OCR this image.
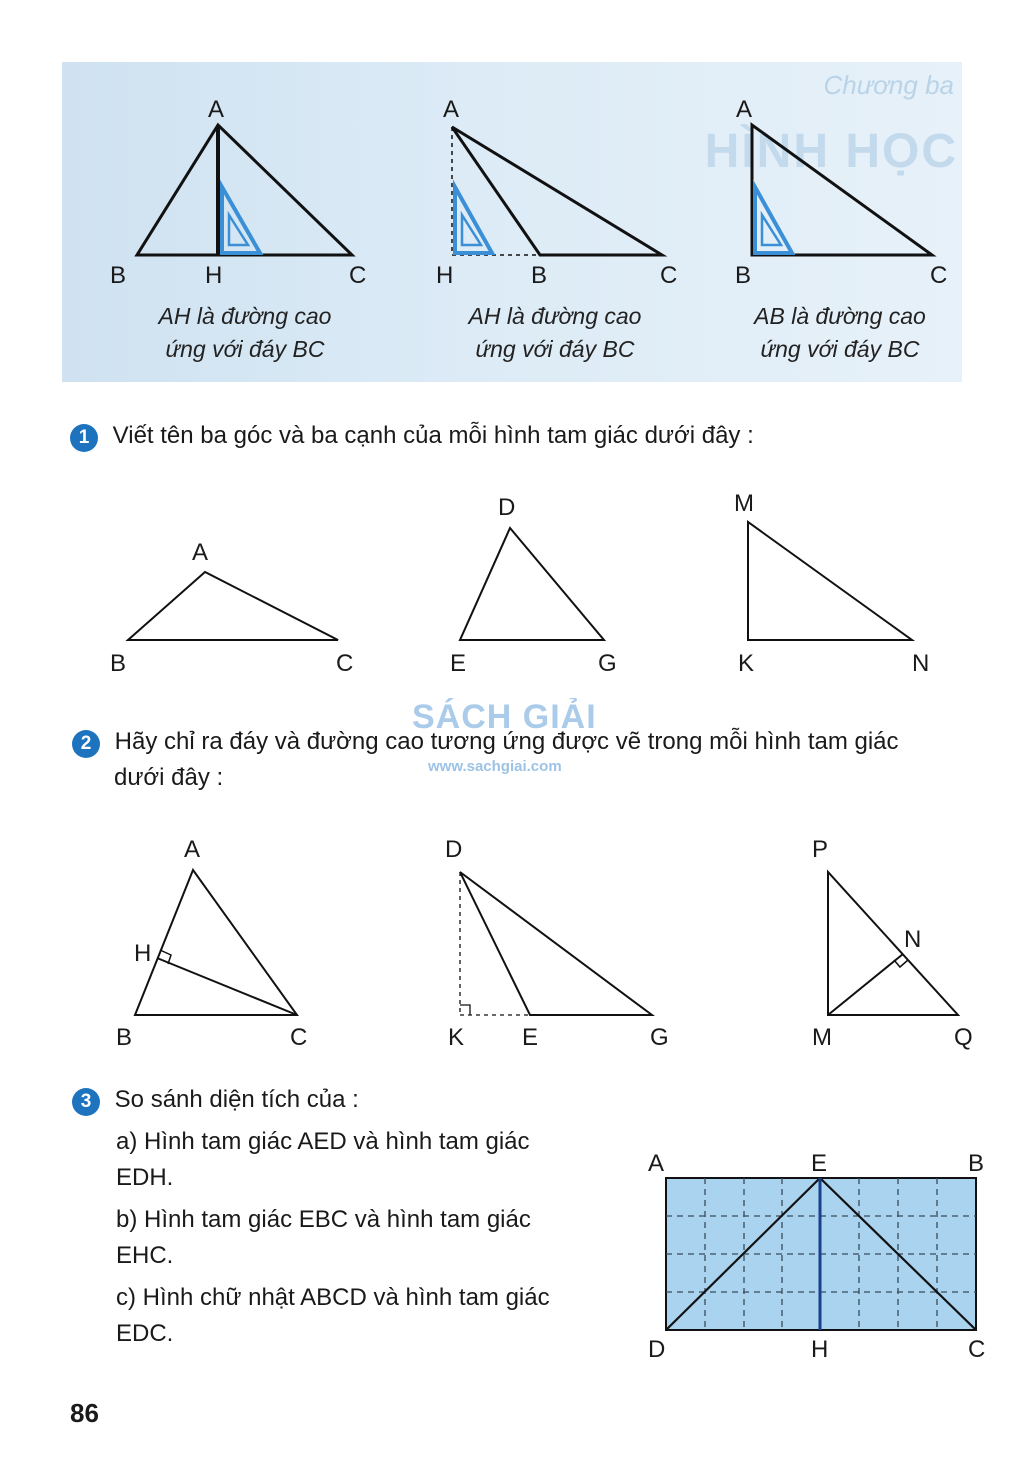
Chương ba
HÌNH HỌC
A
B	H	C
AH là đường cao
ứng với đáy BC
A
H	B	C
AH là đường cao
ứng với đáy BC
A
B	C
AB là đường cao
ứng với đáy BC
1 Viết tên ba góc và ba cạnh của mỗi hình tam giác dưới đây :
A
B	C
D
E	G
M
K	N
SÁCH GIẢI
www.sachgiai.com
2 Hãy chỉ ra đáy và đường cao tương ứng được vẽ trong mỗi hình tam giác
dưới đây :
A
H
B	C
D
K E	G
P
N
M	Q
3 So sánh diện tích của :
a) Hình tam giác AED và hình tam giác
EDH.
b) Hình tam giác EBC và hình tam giác
EHC.
c) Hình chữ nhật ABCD và hình tam giác
EDC.
A	E	B
D	H	C
86
